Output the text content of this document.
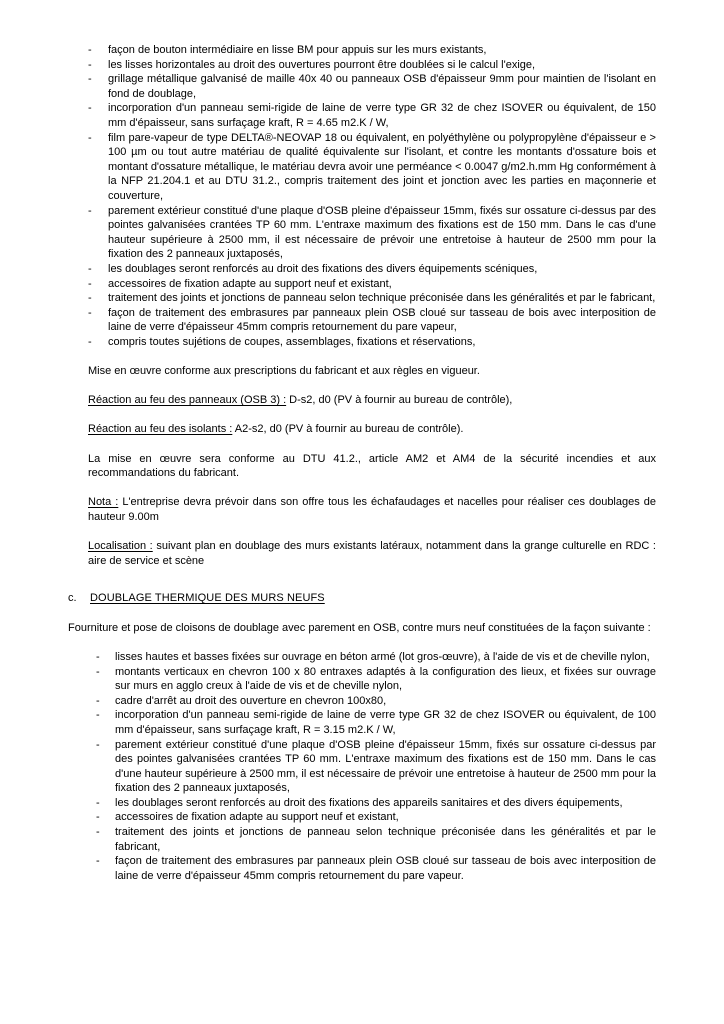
-	façon de bouton intermédiaire en lisse BM pour appuis sur les murs existants,
-	les lisses horizontales au droit des ouvertures pourront être doublées si le calcul l'exige,
-	grillage métallique galvanisé de maille 40x 40 ou panneaux OSB d'épaisseur 9mm pour maintien de l'isolant en fond de doublage,
-	incorporation d'un panneau semi-rigide de laine de verre type GR 32 de chez ISOVER ou équivalent, de 150 mm d'épaisseur, sans surfaçage kraft, R = 4.65 m2.K / W,
-	film pare-vapeur de type DELTA®-NEOVAP 18 ou équivalent, en polyéthylène ou polypropylène d'épaisseur e > 100 µm ou tout autre matériau de qualité équivalente sur l'isolant, et contre les montants d'ossature bois et montant d'ossature métallique, le matériau devra avoir une perméance < 0.0047 g/m2.h.mm Hg conformément à la NFP 21.204.1 et au DTU 31.2., compris traitement des joint et jonction avec les parties en maçonnerie et couverture,
-	parement extérieur constitué d'une plaque d'OSB pleine d'épaisseur 15mm, fixés sur ossature ci-dessus par des pointes galvanisées crantées TP 60 mm. L'entraxe maximum des fixations est de 150 mm. Dans le cas d'une hauteur supérieure à 2500 mm, il est nécessaire de prévoir une entretoise à hauteur de 2500 mm pour la fixation des 2 panneaux juxtaposés,
-	les doublages seront renforcés au droit des fixations des divers équipements scéniques,
-	accessoires de fixation adapte au support neuf et existant,
-	traitement des joints et jonctions de panneau selon technique préconisée dans les généralités et par le fabricant,
-	façon de traitement des embrasures par panneaux plein OSB cloué sur tasseau de bois avec interposition de laine de verre d'épaisseur 45mm compris retournement du pare vapeur,
-	compris toutes sujétions de coupes, assemblages, fixations et réservations,

Mise en œuvre conforme aux prescriptions du fabricant et aux règles en vigueur.

Réaction au feu des panneaux (OSB 3) : D-s2, d0 (PV à fournir au bureau de contrôle),

Réaction au feu des isolants : A2-s2, d0 (PV à fournir au bureau de contrôle).

La mise en œuvre sera conforme au DTU 41.2., article AM2 et AM4 de la sécurité incendies et aux recommandations du fabricant.

Nota : L'entreprise devra prévoir dans son offre tous les échafaudages et nacelles pour réaliser ces doublages de hauteur 9.00m

Localisation : suivant plan en doublage des murs existants latéraux, notamment dans la grange culturelle en RDC : aire de service et scène

c.	DOUBLAGE THERMIQUE DES MURS NEUFS

Fourniture et pose de cloisons de doublage avec parement en OSB, contre murs neuf constituées de la façon suivante :

-	lisses hautes et basses fixées sur ouvrage en béton armé (lot gros-œuvre), à l'aide de vis et de cheville nylon,
-	montants verticaux en chevron 100 x 80 entraxes adaptés à la configuration des lieux, et fixées sur ouvrage sur murs en agglo creux à l'aide de vis et de cheville nylon,
-	cadre d'arrêt au droit des ouverture en chevron 100x80,
-	incorporation d'un panneau semi-rigide de laine de verre type GR 32 de chez ISOVER ou équivalent, de 100 mm d'épaisseur, sans surfaçage kraft, R = 3.15 m2.K / W,
-	parement extérieur constitué d'une plaque d'OSB pleine d'épaisseur 15mm, fixés sur ossature ci-dessus par des pointes galvanisées crantées TP 60 mm. L'entraxe maximum des fixations est de 150 mm. Dans le cas d'une hauteur supérieure à 2500 mm, il est nécessaire de prévoir une entretoise à hauteur de 2500 mm pour la fixation des 2 panneaux juxtaposés,
-	les doublages seront renforcés au droit des fixations des appareils sanitaires et des divers équipements,
-	accessoires de fixation adapte au support neuf et existant,
-	traitement des joints et jonctions de panneau selon technique préconisée dans les généralités et par le fabricant,
-	façon de traitement des embrasures par panneaux plein OSB cloué sur tasseau de bois avec interposition de laine de verre d'épaisseur 45mm compris retournement du pare vapeur.
